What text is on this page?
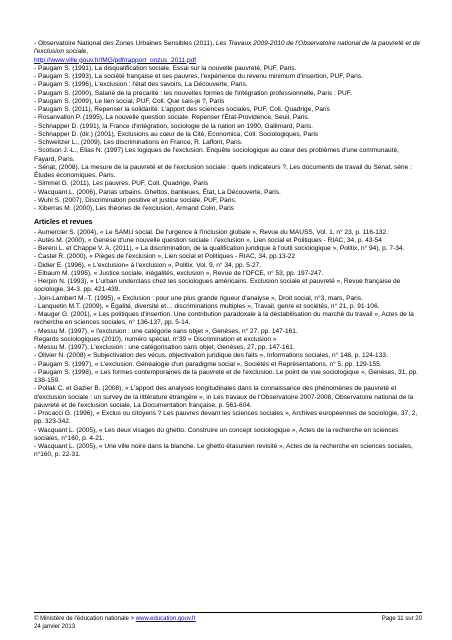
- Observatoire National des Zones Urbaines Sensibles (2011), Les Travaux 2009-2010 de l'Observatoire national de la pauvreté et de l'exclusion sociale,
http://www.ville.gouv.fr/IMG/pdf/rapport_onzus_2011.pdf

- Paugam S. (1991), La disqualification sociale. Essai sur la nouvelle pauvreté, PUF, Paris.

- Paugam S. (1993), La société française et ses pauvres, l'expérience du revenu minimum d'insertion, PUF, Paris.

- Paugam S. (1996), L'exclusion : l'état des savoirs, La Découverte, Paris.

- Paugam S. (2000), Salarié de la précarité : les nouvelles formes de l'intégration professionnelle, Paris : PUF.

- Paugam S. (2009), Le lien social, PUF, Coll. Que sais-je ?, Paris

- Paugam S. (2011), Repenser la solidarité. L'apport des sciences sociales, PUF, Coll. Quadrige, Paris

- Rosanvallon P. (1995), La nouvelle question sociale. Repenser l'État-Providence, Seuil, Paris.

- Schnapper D. (1991), la France d'intégration, sociologie de la nation en 1990, Gallimard, Paris.

- Schnapper D. (dir.) (2001), Exclusions au cœur de la Cité, Economica, Coll. Sociologiques, Paris

- Schweitzer L., (2009), Les discriminations en France, R. Laffont, Paris.

- Scotson J.-L., Elias N. (1997) Les logiques de l'exclusion. Enquête sociologique au cœur des problèmes d'une communauté, Fayard, Paris.

- Sénat, (2008), La mesure de la pauvreté et de l'exclusion sociale : quels indicateurs ?, Les documents de travail du Sénat, série : Études économiques, Paris.

- Simmel G. (2011), Les pauvres, PUF, Coll. Quadrige, Paris

- Wacquant L. (2006), Parias urbains. Ghettos, banlieues, État, La Découverte, Paris.

- Wuhl S. (2007), Discrimination positive et justice sociale, PUF, Paris.

- Xiberras M. (2000), Les théories de l'exclusion, Armand Colin, Paris

Articles et revues

- Aumercier S. (2004), « Le SAMU social. De l'urgence à l'inclusion globale », Revue du MAUSS, Vol. 1, n° 23, p. 116-132.

- Autès M. (2000), « Genèse d'une nouvelle question sociale : l'exclusion », Lien social et Politiques - RIAC, 34, p. 43-54

- Bereni L. et Chappe V. A. (2011), « La discrimination, de la qualification juridique à l'outil sociologique », Politix, n° 94), p. 7-34.

- Castel R. (2000), « Pièges de l'exclusion », Lien social et Politiques - RIAC, 34, pp.13-22

- Didier E. (1996), « L'exclusion» à l'exclusion », Politix. Vol. 9, n° 34, pp. 5-27.

- Elbaum M. (1995), « Justice sociale, inégalités, exclusion », Revue de l'OFCE, n° 53, pp. 197-247.

- Herpin N. (1993), « L'urban underclass chez les sociologues américains. Exclusion sociale et pauvreté », Revue française de sociologie, 34-3. pp. 421-439.

- Join-Lambert M.-T. (1995), « Exclusion : pour une plus grande rigueur d'analyse », Droit social, n°3, mars, Paris.

- Lanquetin M.T. (2009), « Égalité, diversité et… discriminations multiples », Travail, genre et sociétés, n° 21, p. 91-106.

- Mauger G. (2001), « Les politiques d'insertion. Une contribution paradoxale à la déstabilisation du marché du travail », Actes de la recherche en sciences sociales, n° 136-137, pp. 5-14.

- Messu M. (1997), « l'exclusion : une catégorie sans objet », Genèses, n° 27, pp. 147-161.

Regards sociologiques (2010), numéro spécial, n°39 « Discrimination et exclusion »

- Messu M. (1997), L'exclusion : une catégorisation sans objet, Genèses, 27, pp. 147-161.

- Olivier N. (2008) « Subjectivation des vécus, objectivation juridique des faits », Informations sociales, n° 148, p. 124-133.

- Paugam S. (1997), « L'exclusion. Généalogie d'un paradigme social », Sociétés et Représentations, n° 5, pp. 129-155.

- Paugam S. (1998), « Les formes contemporaines de la pauvreté et de l'exclusion. Le point de vue sociologique », Genèses, 31, pp. 138-159.

- Pollak C. et Gazier B. (2008), « L'apport des analyses longitudinales dans la connaissance des phénomènes de pauvreté et d'exclusion sociale : un survey de la littérature étrangère », in Les travaux de l'Observatoire 2007-2008, Observatoire national de la pauvreté et de l'exclusion sociale, La Documentation française, p. 561-604.

- Procacci G. (1996), « Exclus ou citoyens ? Les pauvres devant les sciences sociales », Archives européennes de sociologie, 37, 2, pp. 323-342.

- Wacquant L. (2005), « Les deux visages du ghetto. Construire un concept sociologique », Actes de la recherche en sciences sociales, n°160, p. 4-21.

- Wacquant L. (2005), « Une ville noire dans la blanche. Le ghetto étasunien revisité », Actes de la recherche en sciences sociales, n°160, p. 22-31.

© Ministère de l'éducation nationale > www.education.gouv.fr	Page 11 sur 20
24 janvier 2013
